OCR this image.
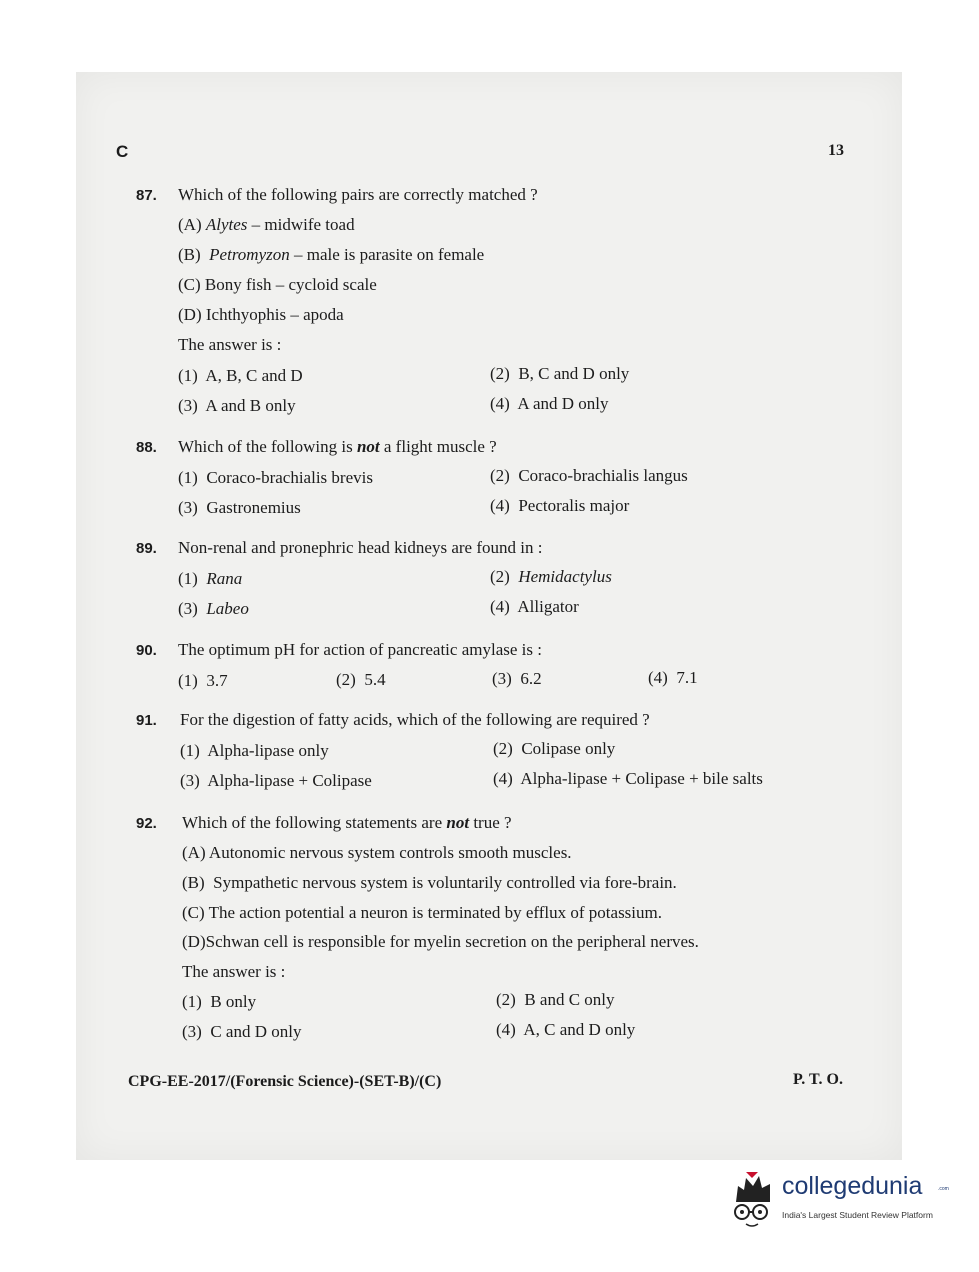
C	13
87. Which of the following pairs are correctly matched ?
(A) Alytes – midwife toad
(B) Petromyzon – male is parasite on female
(C) Bony fish – cycloid scale
(D) Ichthyophis – apoda
The answer is :
(1) A, B, C and D	(2) B, C and D only
(3) A and B only	(4) A and D only
88. Which of the following is not a flight muscle ?
(1) Coraco-brachialis brevis	(2) Coraco-brachialis langus
(3) Gastronemius	(4) Pectoralis major
89. Non-renal and pronephric head kidneys are found in :
(1) Rana	(2) Hemidactylus
(3) Labeo	(4) Alligator
90. The optimum pH for action of pancreatic amylase is :
(1) 3.7	(2) 5.4	(3) 6.2	(4) 7.1
91. For the digestion of fatty acids, which of the following are required ?
(1) Alpha-lipase only	(2) Colipase only
(3) Alpha-lipase + Colipase	(4) Alpha-lipase + Colipase + bile salts
92. Which of the following statements are not true ?
(A) Autonomic nervous system controls smooth muscles.
(B) Sympathetic nervous system is voluntarily controlled via fore-brain.
(C) The action potential a neuron is terminated by efflux of potassium.
(D)Schwan cell is responsible for myelin secretion on the peripheral nerves.
The answer is :
(1) B only	(2) B and C only
(3) C and D only	(4) A, C and D only
CPG-EE-2017/(Forensic Science)-(SET-B)/(C)	P. T. O.
collegedunia	.com
India's Largest Student Review Platform
